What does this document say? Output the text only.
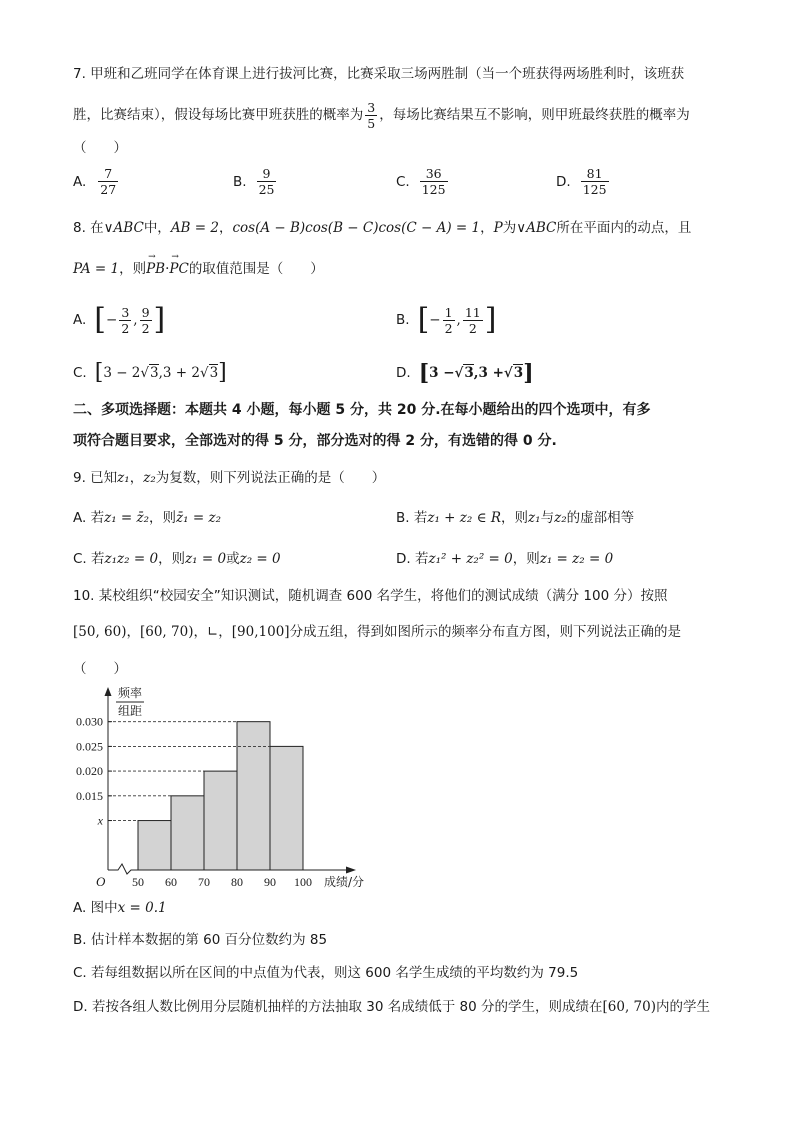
7. 甲班和乙班同学在体育课上进行拔河比赛，比赛采取三场两胜制（当一个班获得两场胜利时，该班获
胜，比赛结束），假设每场比赛甲班获胜的概率为 $\frac{3}{5}$ ，每场比赛结果互不影响，则甲班最终获胜的概率为
（　　）
A. $\frac{7}{27}$	B. $\frac{9}{25}$	C. $\frac{36}{125}$	D. $\frac{81}{125}$
8. 在∨ABC中，AB = 2，cos(A − B)cos(B − C)cos(C − A) = 1，P为∨ABC所在平面内的动点，且
PA = 1，则→ PB·→ PC的取值范围是（　　）
A. [ − $\frac{3}{2}$ , $\frac{9}{2}$ ]	B. [ − $\frac{1}{2}$ , $\frac{11}{2}$ ]
C. [ 3 − 2 √3 , 3 + 2 √3 ]	D. [ 3 − √3 , 3 + √3 ]
二、多项选择题：本题共 4 小题，每小题 5 分，共 20 分.在每小题给出的四个选项中，有多
项符合题目要求，全部选对的得 5 分，部分选对的得 2 分，有选错的得 0 分.
9. 已知z₁，z₂为复数，则下列说法正确的是（　　）
A. 若z₁ = z̄₂，则z̄₁ = z₂	B. 若z₁ + z₂ ∈ R，则z₁与z₂的虚部相等
C. 若z₁z₂ = 0，则z₁ = 0或z₂ = 0	D. 若z₁² + z₂² = 0，则z₁ = z₂ = 0
10. 某校组织“校园安全”知识测试，随机调查 600 名学生，将他们的测试成绩（满分 100 分）按照
[50, 60)，[60, 70)，∟，[90,100]分成五组，得到如图所示的频率分布直方图，则下列说法正确的是
（　　）
x
0.015
0.020
0.025
0.030
50 60 70 80 90 100
O	成绩/分
频率
组距
A. 图中x = 0.1
B. 估计样本数据的第 60 百分位数约为 85
C. 若每组数据以所在区间的中点值为代表，则这 600 名学生成绩的平均数约为 79.5
D. 若按各组人数比例用分层随机抽样的方法抽取 30 名成绩低于 80 分的学生，则成绩在[60, 70)内的学生
